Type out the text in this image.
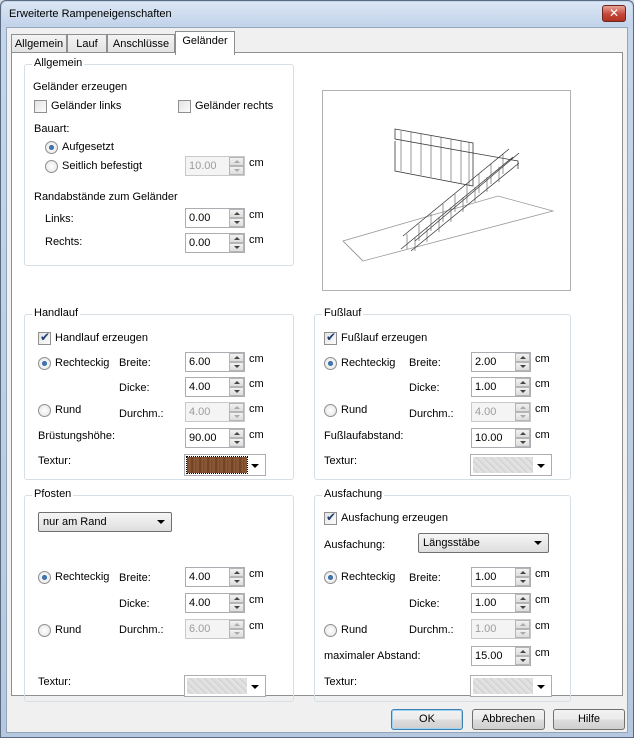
Erweiterte Rampeneigenschaften	✕
Allgemein	Lauf	Anschlüsse	Geländer
Allgemein
Geländer erzeugen
Geländer links	Geländer rechts
Bauart:
Aufgesetzt
Seitlich befestigt	10.00	cm
Randabstände zum Geländer
Links:	0.00	cm
Rechts:	0.00	cm
Handlauf
✔
Handlauf erzeugen
Rechteckig Breite:	6.00	cm
Dicke:	4.00	cm
Rund	Durchm.: 4.00	cm
Brüstungshöhe:	90.00	cm
Textur:
Fußlauf
✔
Fußlauf erzeugen
Rechteckig Breite:	2.00	cm
Dicke:	1.00	cm
Rund	Durchm.: 4.00	cm
Fußlaufabstand:	10.00	cm
Textur:
Pfosten
nur am Rand
Rechteckig Breite:	4.00	cm
Dicke:	4.00	cm
Rund	Durchm.: 6.00	cm
Textur:
Ausfachung
✔
Ausfachung erzeugen
Ausfachung:	Längsstäbe
Rechteckig Breite:	1.00	cm
Dicke:	1.00	cm
Rund	Durchm.: 1.00	cm
maximaler Abstand:	15.00	cm
Textur:
OK	Abbrechen	Hilfe
